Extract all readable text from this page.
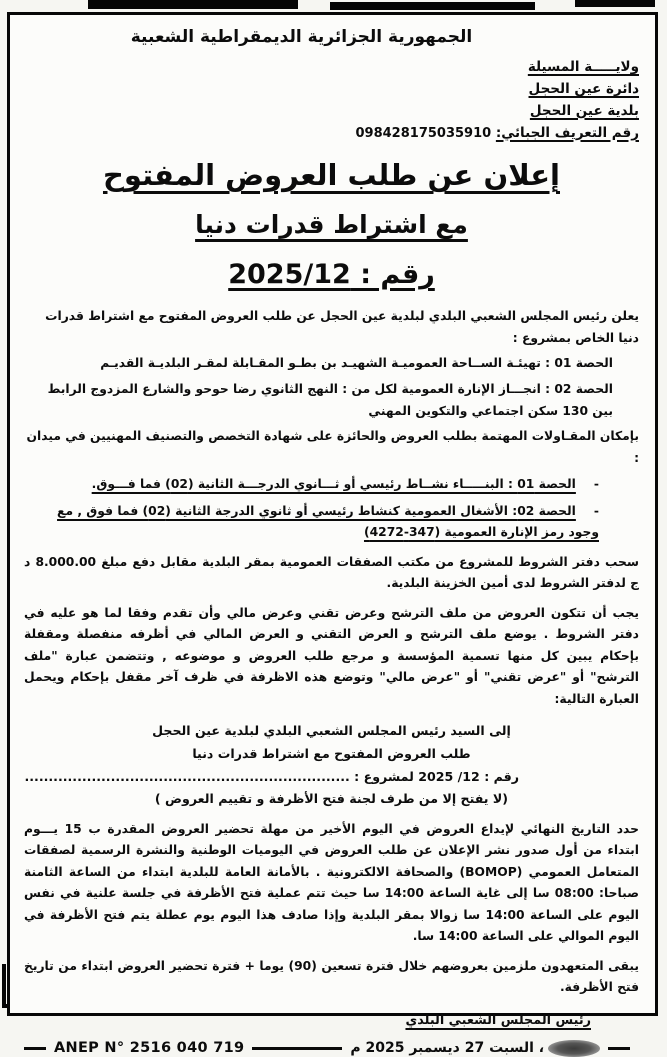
الجمهورية الجزائرية الديمقراطية الشعبية
ولايـــــة المسيلة
دائرة عين الحجل
بلدية عين الحجل
رقم التعريف الجبائي: 098428175035910
إعلان عن طلب العروض المفتوح
مع اشتراط قدرات دنيا
رقم : 2025/12

يعلن رئيس المجلس الشعبي البلدي لبلدية عين الحجل عن طلب العروض المفتوح مع اشتراط قدرات دنيا الخاص بمشروع :

الحصة 01 : تهيئـة الســاحة العموميـة الشهيـد بن بطـو المقـابلة لمقـر البلديـة القديـم

الحصة 02 : انجـــاز الإنارة العمومية لكل من : النهج الثانوي رضا حوحو والشارع المزدوج الرابط بين 130 سكن اجتماعي والتكوين المهني

بإمكان المقـاولات المهتمة بطلب العروض والحائزة على شهادة التخصص والتصنيف المهنيين في ميدان :

-الحصة 01 : البنـــــاء نشــاط رئيسي أو ثـــانوي الدرجـــة الثانية (02) فما فـــوق.

-الحصة 02: الأشغال العمومية كنشاط رئيسي أو ثانوي الدرجة الثانية (02) فما فوق , مع وجود رمز الإنارة العمومية (347-4272)

سحب دفتر الشروط للمشروع من مكتب الصفقات العمومية بمقر البلدية مقابل دفع مبلغ 8.000.00 د ج لدفتر الشروط لدى أمين الخزينة البلدية.

يجب أن تتكون العروض من ملف الترشح وعرض تقني وعرض مالي وأن تقدم وفقا لما هو عليه في دفتر الشروط . يوضع ملف الترشح و العرض التقني و العرض المالي في أظرفه منفصلة ومقفلة بإحكام يبين كل منها تسمية المؤسسة و مرجع طلب العروض و موضوعه , وتتضمن عبارة "ملف الترشح" أو "عرض تقني" أو "عرض مالي" وتوضع هذه الاظرفة في ظرف آخر مقفل بإحكام ويحمل العبارة التالية:

إلى السيد رئيس المجلس الشعبي البلدي لبلدية عين الحجل
طلب العروض المفتوح مع اشتراط قدرات دنيا
رقم : 12/ 2025 لمشروع : ....................................................................
(لا يفتح إلا من طرف لجنة فتح الأظرفة و تقييم العروض )

حدد التاريخ النهائي لإيداع العروض في اليوم الأخير من مهلة تحضير العروض المقدرة ب 15 يـــوم ابتداء من أول صدور نشر الإعلان عن طلب العروض في اليوميات الوطنية والنشرة الرسمية لصفقات المتعامل العمومي (BOMOP) والصحافة الالكترونية . بالأمانة العامة للبلدية ابتداء من الساعة الثامنة صباحا: 08:00 سا إلى غاية الساعة 14:00 سا حيث تتم عملية فتح الأظرفة في جلسة علنية في نفس اليوم على الساعة 14:00 سا زوالا بمقر البلدية وإذا صادف هذا اليوم يوم عطلة يتم فتح الأظرفة في اليوم الموالي على الساعة 14:00 سا.

يبقى المتعهدون ملزمين بعروضهم خلال فترة تسعين (90) يوما + فترة تحضير العروض ابتداء من تاريخ فتح الأظرفة.

رئيس المجلس الشعبي البلدي
ANEP N° 2516 040 719	، السبت 27 ديسمبر 2025 م
